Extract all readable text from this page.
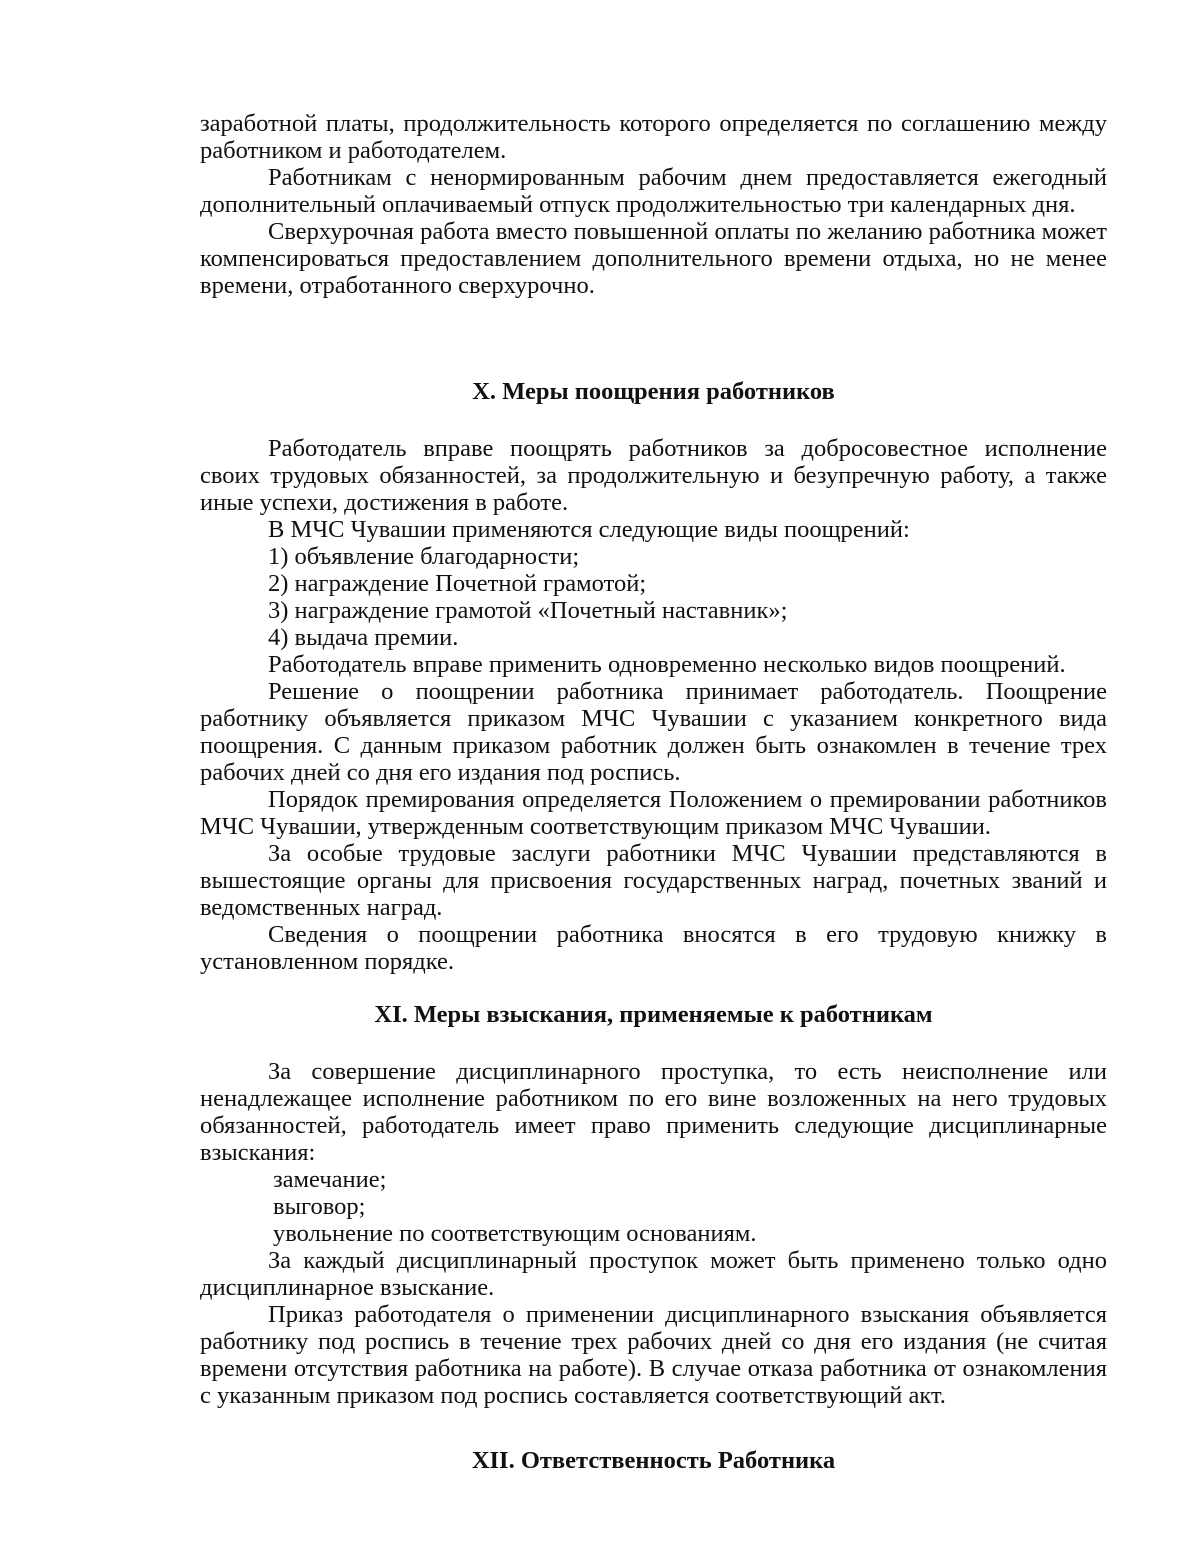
заработной платы, продолжительность которого определяется по соглашению между работником и работодателем.

Работникам с ненормированным рабочим днем предоставляется ежегодный дополнительный оплачиваемый отпуск продолжительностью три календарных дня.

Сверхурочная работа вместо повышенной оплаты по желанию работника может компенсироваться предоставлением дополнительного времени отдыха, но не менее времени, отработанного сверхурочно.

X. Меры поощрения работников

Работодатель вправе поощрять работников за добросовестное исполнение своих трудовых обязанностей, за продолжительную и безупречную работу, а также иные успехи, достижения в работе.

В МЧС Чувашии применяются следующие виды поощрений:

1) объявление благодарности;

2) награждение Почетной грамотой;

3) награждение грамотой «Почетный наставник»;

4) выдача премии.

Работодатель вправе применить одновременно несколько видов поощрений.

Решение о поощрении работника принимает работодатель. Поощрение работнику объявляется приказом МЧС Чувашии с указанием конкретного вида поощрения. С данным приказом работник должен быть ознакомлен в течение трех рабочих дней со дня его издания под роспись.

Порядок премирования определяется Положением о премировании работников МЧС Чувашии, утвержденным соответствующим приказом МЧС Чувашии.

За особые трудовые заслуги работники МЧС Чувашии представляются в вышестоящие органы для присвоения государственных наград, почетных званий и ведомственных наград.

Сведения о поощрении работника вносятся в его трудовую книжку в установленном порядке.

XI. Меры взыскания, применяемые к работникам

За совершение дисциплинарного проступка, то есть неисполнение или ненадлежащее исполнение работником по его вине возложенных на него трудовых обязанностей, работодатель имеет право применить следующие дисциплинарные взыскания:

замечание;

выговор;

увольнение по соответствующим основаниям.

За каждый дисциплинарный проступок может быть применено только одно дисциплинарное взыскание.

Приказ работодателя о применении дисциплинарного взыскания объявляется работнику под роспись в течение трех рабочих дней со дня его издания (не считая времени отсутствия работника на работе). В случае отказа работника от ознакомления с указанным приказом под роспись составляется соответствующий акт.

XII. Ответственность Работника
